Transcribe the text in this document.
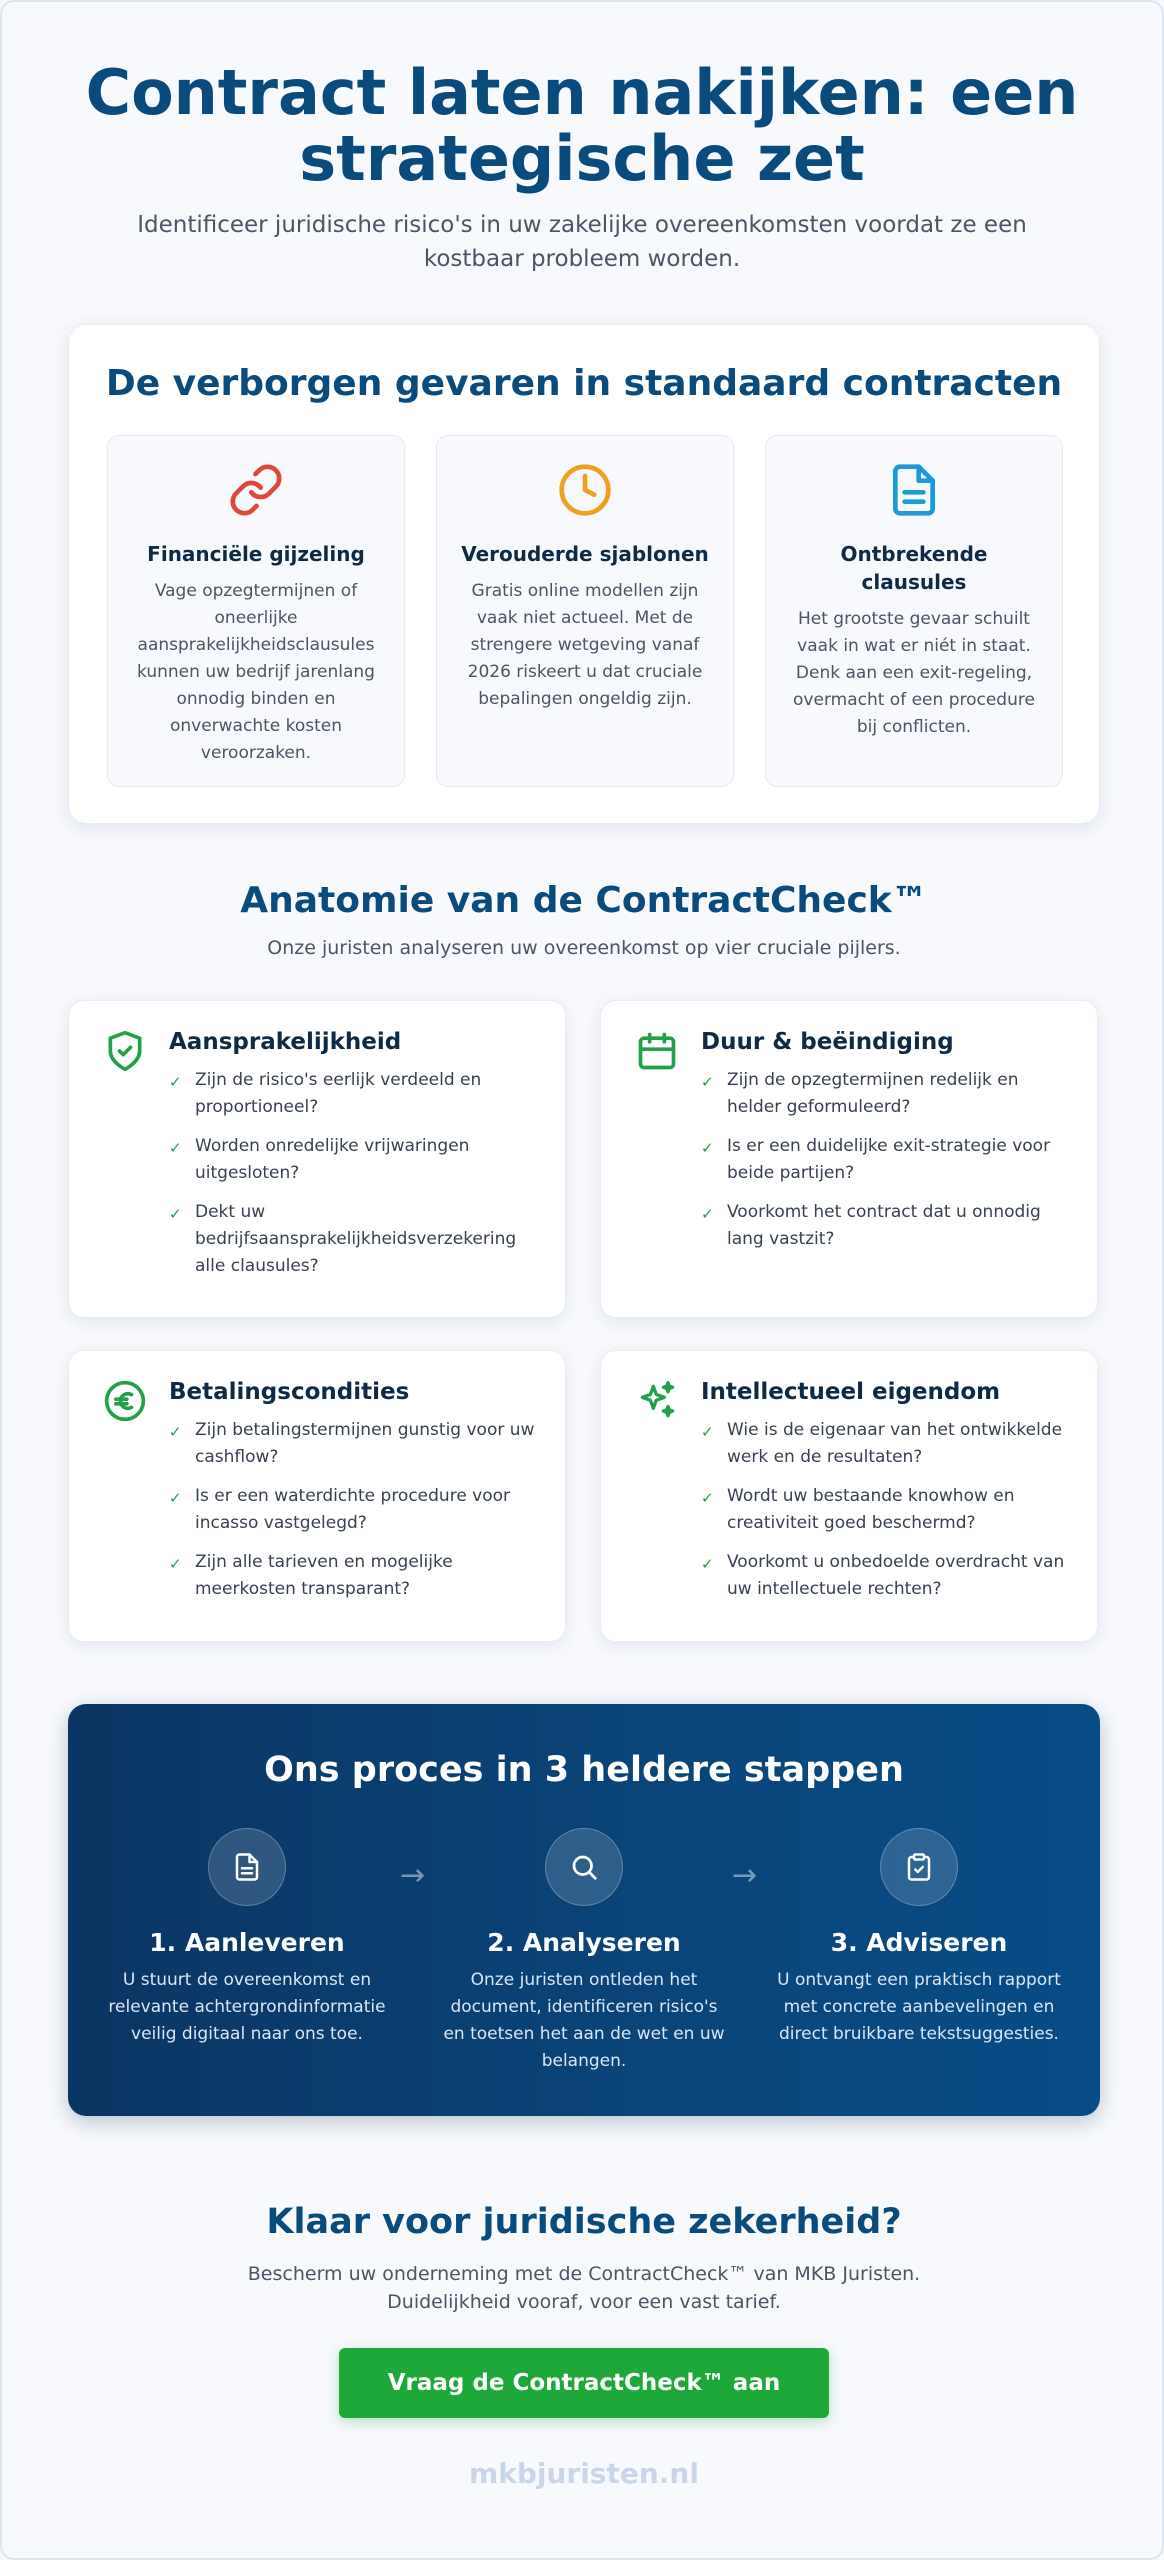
Contract laten nakijken: een strategische zet

Identificeer juridische risico's in uw zakelijke overeenkomsten voordat ze een kostbaar probleem worden.

De verborgen gevaren in standaard contracten
Financiële gijzeling

Vage opzegtermijnen of oneerlijke aansprakelijkheidsclausules kunnen uw bedrijf jarenlang onnodig binden en onverwachte kosten veroorzaken.

Verouderde sjablonen

Gratis online modellen zijn vaak niet actueel. Met de strengere wetgeving vanaf 2026 riskeert u dat cruciale bepalingen ongeldig zijn.

Ontbrekende clausules

Het grootste gevaar schuilt vaak in wat er niét in staat. Denk aan een exit-regeling, overmacht of een procedure bij conflicten.

Anatomie van de ContractCheck™

Onze juristen analyseren uw overeenkomst op vier cruciale pijlers.

Aansprakelijkheid
✓ Zijn de risico's eerlijk verdeeld en proportioneel?
✓ Worden onredelijke vrijwaringen uitgesloten?
✓ Dekt uw bedrijfsaansprakelijkheidsverzekering alle clausules?
Duur & beëindiging
✓ Zijn de opzegtermijnen redelijk en helder geformuleerd?
✓ Is er een duidelijke exit-strategie voor beide partijen?
✓ Voorkomt het contract dat u onnodig lang vastzit?
Betalingscondities
✓ Zijn betalingstermijnen gunstig voor uw cashflow?
✓ Is er een waterdichte procedure voor incasso vastgelegd?
✓ Zijn alle tarieven en mogelijke meerkosten transparant?
Intellectueel eigendom
✓ Wie is de eigenaar van het ontwikkelde werk en de resultaten?
✓ Wordt uw bestaande knowhow en creativiteit goed beschermd?
✓ Voorkomt u onbedoelde overdracht van uw intellectuele rechten?
Ons proces in 3 heldere stappen
1. Aanleveren

U stuurt de overeenkomst en relevante achtergrondinformatie veilig digitaal naar ons toe.

→
2. Analyseren

Onze juristen ontleden het document, identificeren risico's en toetsen het aan de wet en uw belangen.

→
3. Adviseren

U ontvangt een praktisch rapport met concrete aanbevelingen en direct bruikbare tekstsuggesties.

Klaar voor juridische zekerheid?

Bescherm uw onderneming met de ContractCheck™ van MKB Juristen.
Duidelijkheid vooraf, voor een vast tarief.

Vraag de ContractCheck™ aan
mkbjuristen.nl
